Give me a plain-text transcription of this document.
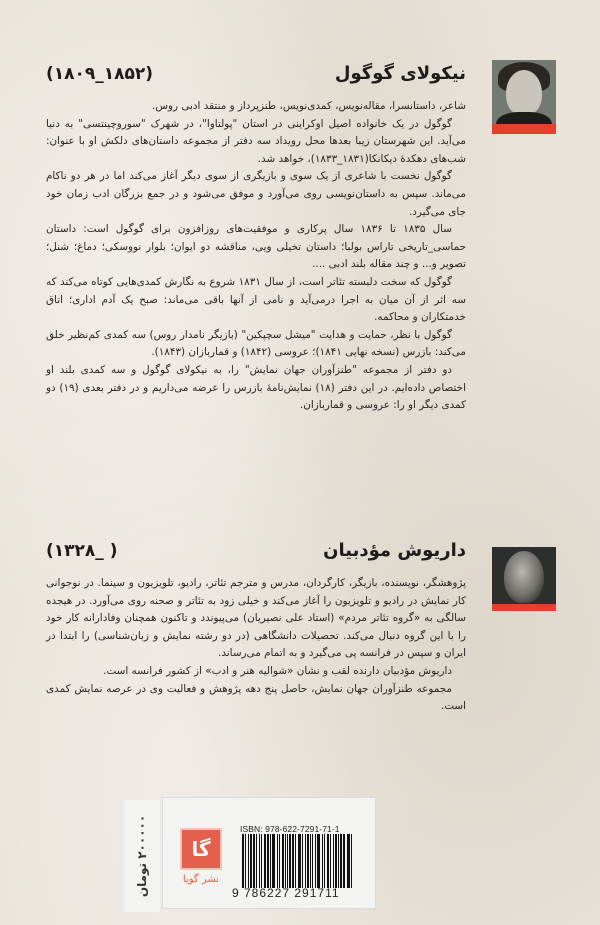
نیکولای گوگول
(۱۸۰۹_۱۸۵۲)

شاعر، داستانسرا، مقاله‌نویس، کمدی‌نویس، طنزپرداز و منتقد ادبی روس.

گوگول در یک خانواده اصیل اوکراینی در استان "پولتاوا"، در شهرک "سوروچینتسی" به دنیا می‌آید. این شهرستان زیبا بعدها محل رویداد سه دفتر از مجموعه داستان‌های دلکش او با عنوان: شب‌های دهکدهٔ دیکانکا(۱۸۳۱_۱۸۳۳)، خواهد شد.

گوگول نخست با شاعری از یک سوی و بازیگری از سوی دیگر آغاز می‌کند اما در هر دو ناکام می‌ماند. سپس به داستان‌نویسی روی می‌آورد و موفق می‌شود و در جمع بزرگان ادب زمان خود جای می‌گیرد.

سال ۱۸۳۵ تا ۱۸۳۶ سال پرکاری و موفقیت‌های روزافزون برای گوگول است: داستان حماسی_تاریخی تاراس بولبا؛ داستان تخیلی ویی، مناقشه دو ایوان؛ بلوار نووسکی؛ دماغ؛ شنل؛ تصویر و... و چند مقاله بلند ادبی ....

گوگول که سخت دلبسته تئاتر است، از سال ۱۸۳۱ شروع به نگارش کمدی‌هایی کوتاه می‌کند که سه اثر از آن میان به اجرا درمی‌آید و نامی از آنها باقی می‌ماند: صبح یک آدم اداری؛ اتاق خدمتکاران و محاکمه.

گوگول با نظر، حمایت و هدایت "میشل سچپکین" (بازیگر نامدار روس) سه کمدی کم‌نظیر خلق می‌کند: بازرس (نسخه نهایی ۱۸۴۱)؛ عروسی (۱۸۴۲) و قماربازان (۱۸۴۳).

دو دفتر از مجموعه "طنزآوران جهان نمایش" را، به نیکولای گوگول و سه کمدی بلند او اختصاص داده‌ایم. در این دفتر (۱۸) نمایش‌نامهٔ بازرس را عرضه می‌داریم و در دفتر بعدی (۱۹) دو کمدی دیگر او را: عروسی و قماربازان.

داریوش مؤدبیان
(۱۳۲۸_ )

پژوهشگر، نویسنده، بازیگر، کارگردان، مدرس و مترجم تئاتر، رادیو، تلویزیون و سینما. در نوجوانی کار نمایش در رادیو و تلویزیون را آغاز می‌کند و خیلی زود به تئاتر و صحنه روی می‌آورد. در هیجده سالگی به «گروه تئاتر مردم» (استاد علی نصیریان) می‌پیوندد و تاکنون همچنان وفادارانه کار خود را با این گروه دنبال می‌کند. تحصیلات دانشگاهی (در دو رشته نمایش و زبان‌شناسی) را ابتدا در ایران و سپس در فرانسه پی می‌گیرد و به اتمام می‌رساند.

داریوش مؤدبیان دارنده لقب و نشان «شوالیه هنر و ادب» از کشور فرانسه است.

مجموعه طنزآوران جهان نمایش، حاصل پنج دهه پژوهش و فعالیت وی در عرصه نمایش کمدی است.

۲۰۰۰۰۰ تومان گا
نشر گویا
ISBN: 978-622-7291-71-1
9 786227 291711
